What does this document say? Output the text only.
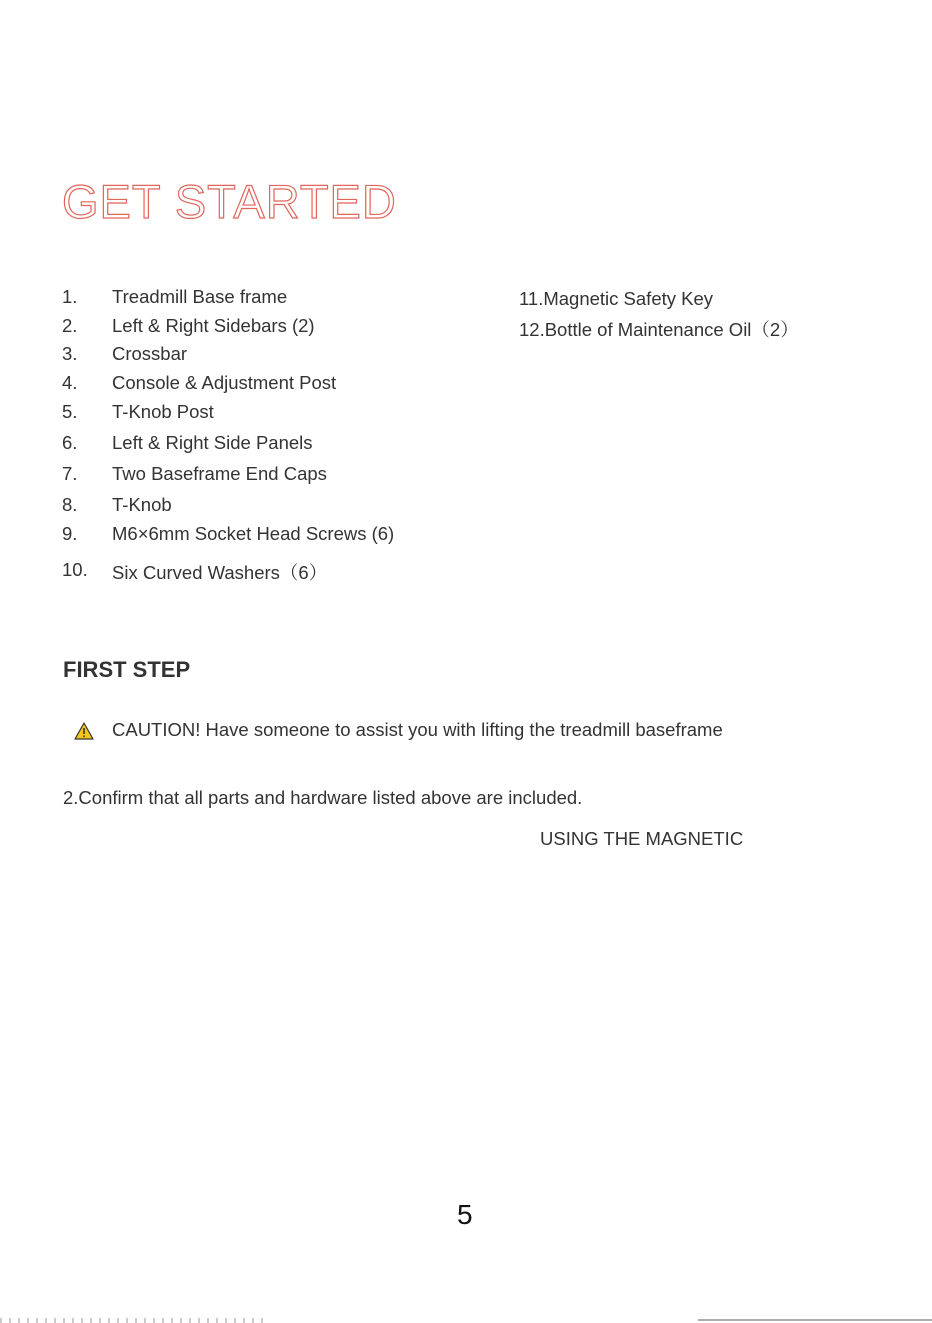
GET STARTED
1. Treadmill Base frame
2. Left & Right Sidebars (2)
3. Crossbar
4. Console & Adjustment Post
5. T-Knob Post
6. Left & Right Side Panels
7. Two Baseframe End Caps
8. T-Knob
9. M6×6mm Socket Head Screws (6)
10. Six Curved Washers（6）
11.Magnetic Safety Key
12.Bottle of Maintenance Oil（2）
FIRST STEP
CAUTION! Have someone to assist you with lifting the treadmill baseframe
2.Confirm that all parts and hardware listed above are included.
USING THE MAGNETIC
5
